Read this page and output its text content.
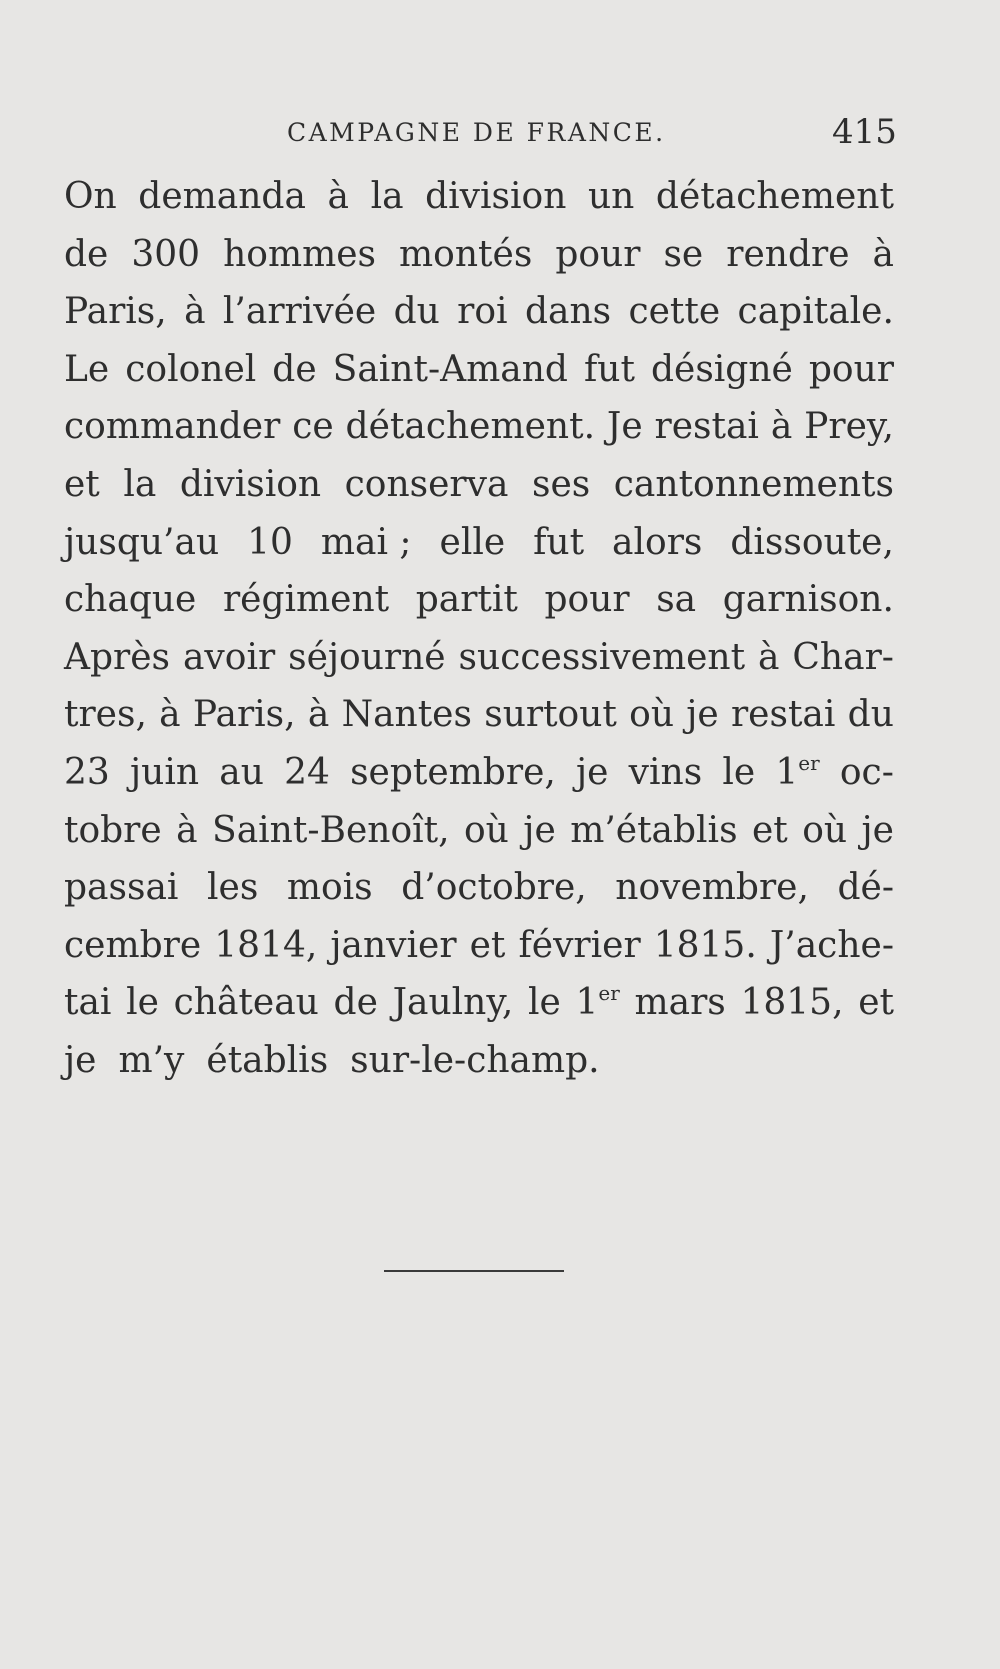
CAMPAGNE DE FRANCE.	415
On demanda à la division un détachement
de 300 hommes montés pour se rendre à
Paris, à l’arrivée du roi dans cette capitale.
Le colonel de Saint-Amand fut désigné pour
commander ce détachement. Je restai à Prey,
et la division conserva ses cantonnements
jusqu’au 10 mai ; elle fut alors dissoute,
chaque régiment partit pour sa garnison.
Après avoir séjourné successivement à Char-
tres, à Paris, à Nantes surtout où je restai du
23 juin au 24 septembre, je vins le 1er oc-
tobre à Saint-Benoît, où je m’établis et où je
passai les mois d’octobre, novembre, dé-
cembre 1814, janvier et février 1815. J’ache-
tai le château de Jaulny, le 1er mars 1815, et
je m’y établis sur-le-champ.
